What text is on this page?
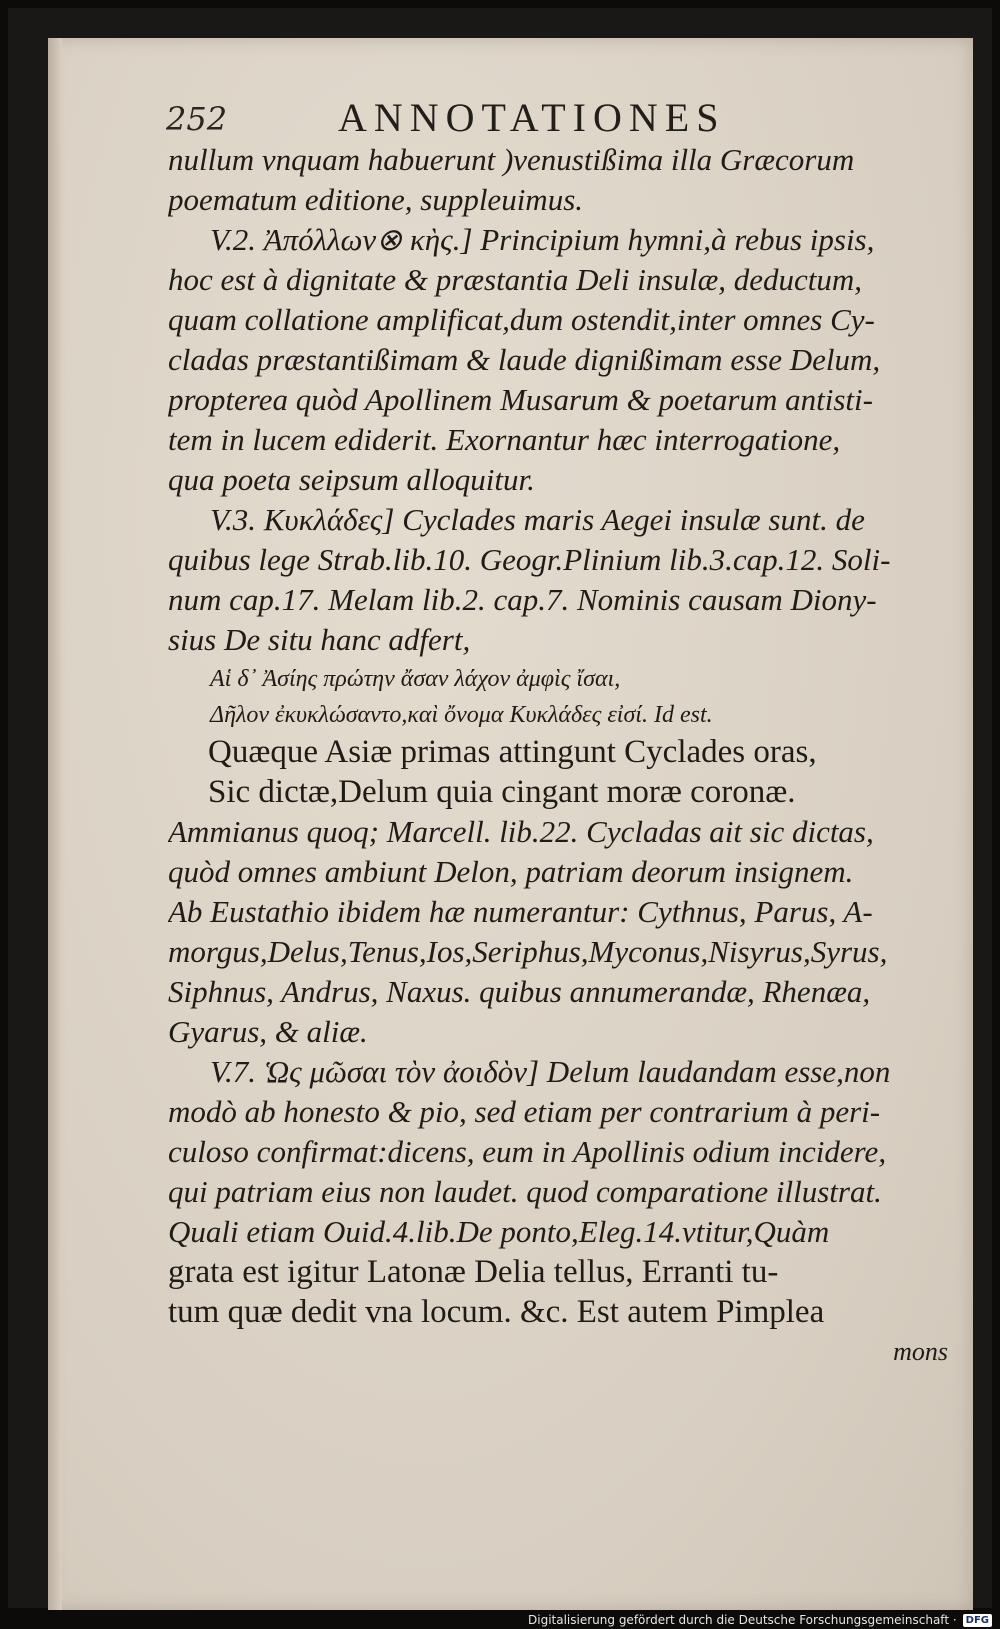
252	ANNOTATIONES
nullum vnquam habuerunt )venustißima illa Græcorum
poematum editione, suppleuimus.
V.2. Ἀπόλλων⊗ κὴς.] Principium hymni,à rebus ipsis,
hoc est à dignitate & præstantia Deli insulæ, deductum,
quam collatione amplificat,dum ostendit,inter omnes Cy-
cladas præstantißimam & laude dignißimam esse Delum,
propterea quòd Apollinem Musarum & poetarum antisti-
tem in lucem ediderit. Exornantur hæc interrogatione,
qua poeta seipsum alloquitur.
V.3. Κυκλάδες] Cyclades maris Aegei insulæ sunt. de
quibus lege Strab.lib.10. Geogr.Plinium lib.3.cap.12. Soli-
num cap.17. Melam lib.2. cap.7. Nominis causam Diony-
sius De situ hanc adfert,
Αἱ δ᾽ Ἀσίης πρώτην ἄσαν λάχον ἀμφὶς ἴσαι,
Δῆλον ἐκυκλώσαντο,καὶ ὄνομα Κυκλάδες εἰσί. Id est.
Quæque Asiæ primas attingunt Cyclades oras,
Sic dictæ,Delum quia cingant moræ coronæ.
Ammianus quoq; Marcell. lib.22. Cycladas ait sic dictas,
quòd omnes ambiunt Delon, patriam deorum insignem.
Ab Eustathio ibidem hæ numerantur: Cythnus, Parus, A-
morgus,Delus,Tenus,Ios,Seriphus,Myconus,Nisyrus,Syrus,
Siphnus, Andrus, Naxus. quibus annumerandæ, Rhenæa,
Gyarus, & aliæ.
V.7. Ὡς μῶσαι τὸν ἀοιδὸν] Delum laudandam esse,non
modò ab honesto & pio, sed etiam per contrarium à peri-
culoso confirmat:dicens, eum in Apollinis odium incidere,
qui patriam eius non laudet. quod comparatione illustrat.
Quali etiam Ouid.4.lib.De ponto,Eleg.14.vtitur,Quàm
grata est igitur Latonæ Delia tellus, Erranti tu-
tum quæ dedit vna locum. &c. Est autem Pimplea
mons
Digitalisierung gefördert durch die Deutsche Forschungsgemeinschaft · DFG
